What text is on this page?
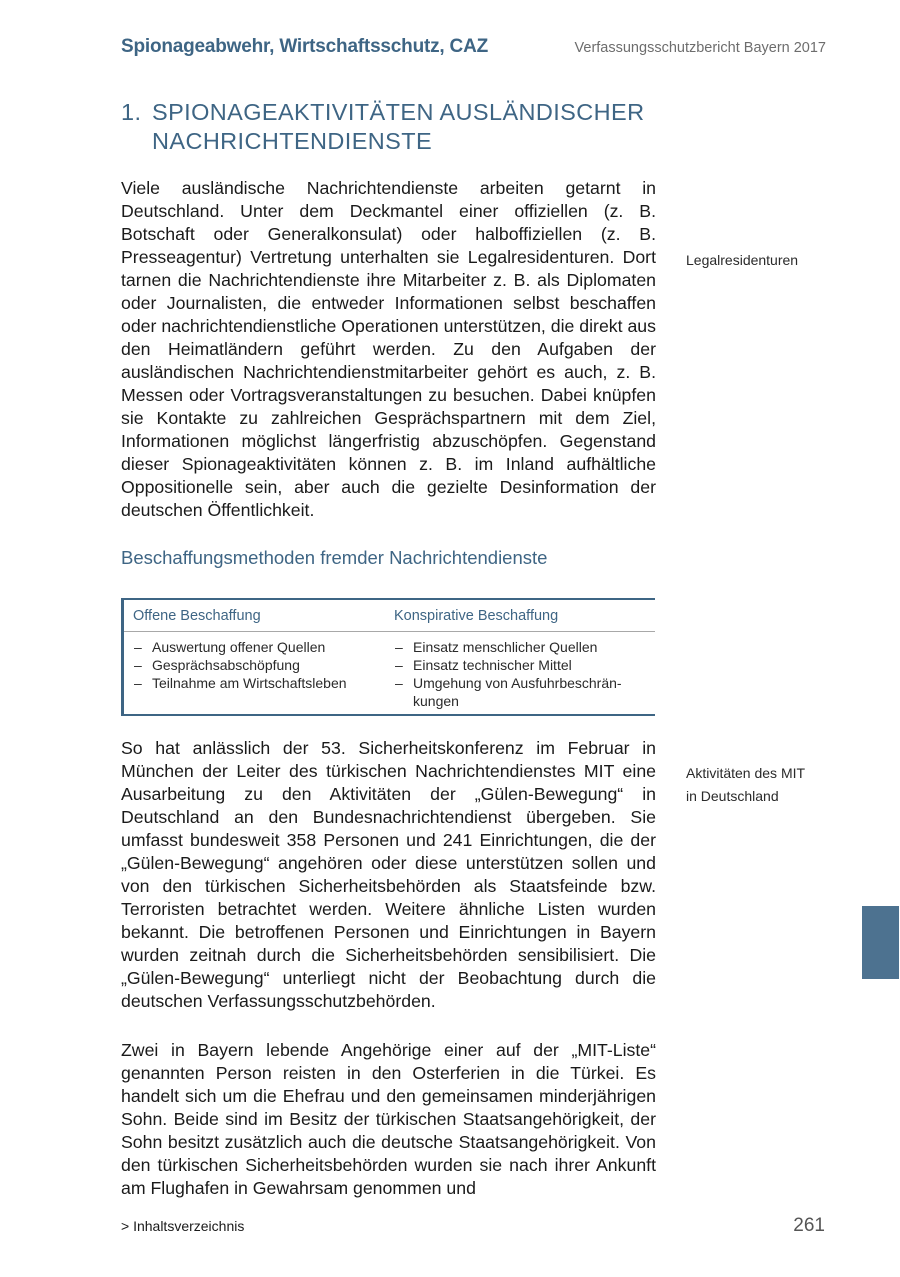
Spionageabwehr, Wirtschaftsschutz, CAZ	Verfassungsschutzbericht Bayern 2017
1. SPIONAGEAKTIVITÄTEN AUSLÄNDISCHER
NACHRICHTENDIENSTE

Viele ausländische Nachrichtendienste arbeiten getarnt in Deutschland. Unter dem Deckmantel einer offiziellen (z. B. Botschaft oder Generalkonsulat) oder halboffiziellen (z. B. Presseagentur) Vertretung unterhalten sie Legalresidenturen. Dort tarnen die Nachrichtendienste ihre Mitarbeiter z. B. als Diplomaten oder Journalisten, die entweder Informationen selbst beschaffen oder nachrichtendienstliche Operationen unterstützen, die direkt aus den Heimatländern geführt werden. Zu den Aufgaben der ausländischen Nachrichtendienstmitarbeiter gehört es auch, z. B. Messen oder Vortragsveranstaltungen zu besuchen. Dabei knüpfen sie Kontakte zu zahlreichen Gesprächspartnern mit dem Ziel, Informationen möglichst längerfristig abzuschöpfen. Gegenstand dieser Spionageaktivitäten können z. B. im Inland aufhältliche Oppositionelle sein, aber auch die gezielte Desinformation der deutschen Öffentlichkeit.

Legalresidenturen
Beschaffungsmethoden fremder Nachrichtendienste
Offene Beschaffung
– Auswertung offener Quellen
– Gesprächsabschöpfung
– Teilnahme am Wirtschaftsleben
Konspirative Beschaffung
– Einsatz menschlicher Quellen
– Einsatz technischer Mittel
– Umgehung von Ausfuhrbeschrän-
kungen

So hat anlässlich der 53. Sicherheitskonferenz im Februar in München der Leiter des türkischen Nachrichtendienstes MIT eine Ausarbeitung zu den Aktivitäten der „Gülen-Bewegung“ in Deutschland an den Bundesnachrichtendienst übergeben. Sie umfasst bundesweit 358 Personen und 241 Einrichtungen, die der „Gülen-Bewegung“ angehören oder diese unterstützen sollen und von den türkischen Sicherheitsbehörden als Staatsfeinde bzw. Terroristen betrachtet werden. Weitere ähnliche Listen wurden bekannt. Die betroffenen Personen und Einrichtungen in Bayern wurden zeitnah durch die Sicherheitsbehörden sensibilisiert. Die „Gülen-Bewegung“ unterliegt nicht der Beobachtung durch die deutschen Verfassungsschutzbehörden.

Aktivitäten des MIT
in Deutschland

Zwei in Bayern lebende Angehörige einer auf der „MIT-Liste“ genannten Person reisten in den Osterferien in die Türkei. Es handelt sich um die Ehefrau und den gemeinsamen minderjährigen Sohn. Beide sind im Besitz der türkischen Staatsangehörigkeit, der Sohn besitzt zusätzlich auch die deutsche Staatsangehörigkeit. Von den türkischen Sicherheitsbehörden wurden sie nach ihrer Ankunft am Flughafen in Gewahrsam genommen und

> Inhaltsverzeichnis	261
